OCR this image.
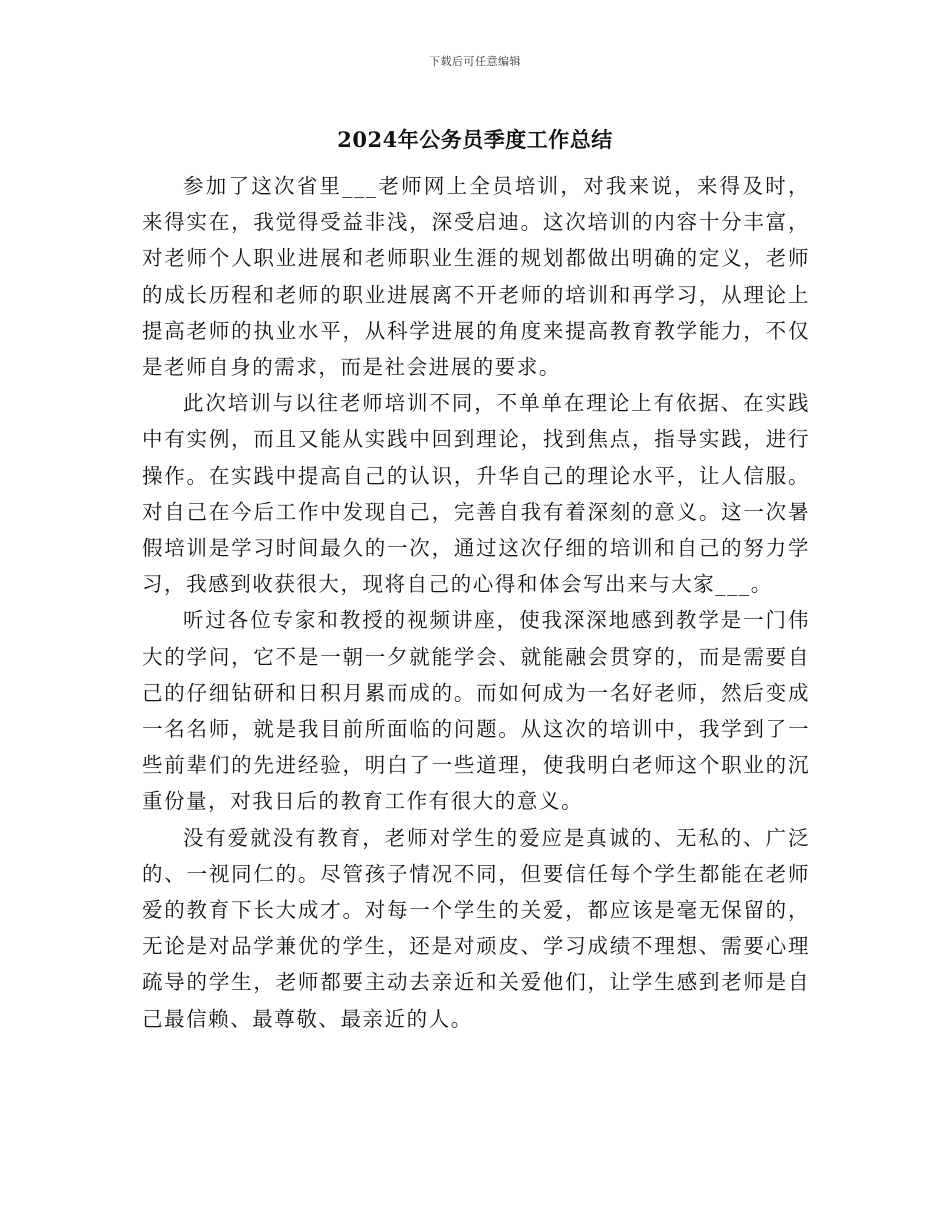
下载后可任意编辑
2024年公务员季度工作总结

参加了这次省里___老师网上全员培训，对我来说，来得及时，来得实在，我觉得受益非浅，深受启迪。这次培训的内容十分丰富，对老师个人职业进展和老师职业生涯的规划都做出明确的定义，老师的成长历程和老师的职业进展离不开老师的培训和再学习，从理论上提高老师的执业水平，从科学进展的角度来提高教育教学能力，不仅是老师自身的需求，而是社会进展的要求。

此次培训与以往老师培训不同，不单单在理论上有依据、在实践中有实例，而且又能从实践中回到理论，找到焦点，指导实践，进行操作。在实践中提高自己的认识，升华自己的理论水平，让人信服。对自己在今后工作中发现自己，完善自我有着深刻的意义。这一次暑假培训是学习时间最久的一次，通过这次仔细的培训和自己的努力学习，我感到收获很大，现将自己的心得和体会写出来与大家___。

听过各位专家和教授的视频讲座，使我深深地感到教学是一门伟大的学问，它不是一朝一夕就能学会、就能融会贯穿的，而是需要自己的仔细钻研和日积月累而成的。而如何成为一名好老师，然后变成一名名师，就是我目前所面临的问题。从这次的培训中，我学到了一些前辈们的先进经验，明白了一些道理，使我明白老师这个职业的沉重份量，对我日后的教育工作有很大的意义。

没有爱就没有教育，老师对学生的爱应是真诚的、无私的、广泛的、一视同仁的。尽管孩子情况不同，但要信任每个学生都能在老师爱的教育下长大成才。对每一个学生的关爱，都应该是毫无保留的，无论是对品学兼优的学生，还是对顽皮、学习成绩不理想、需要心理疏导的学生，老师都要主动去亲近和关爱他们，让学生感到老师是自己最信赖、最尊敬、最亲近的人。
